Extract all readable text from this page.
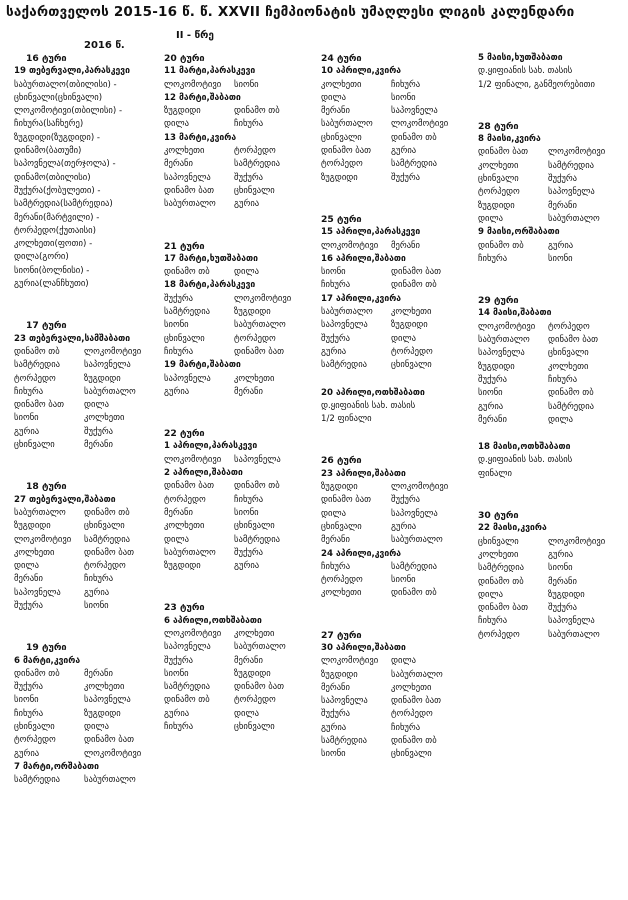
საქართველოს 2015-16 წ. წ. XXVII ჩემპიონატის უმაღლესი ლიგის კალენდარი
2016 წ.
II - წრე
16 ტური
19 თებერვალი,პარასკევი
საბურთალო(თბილისი) -
ცხინვალი(ცხინვალი)
ლოკომოტივი(თბილისი) -
ჩიხურა(საჩხერე)
ზუგდიდი(ზუგდიდი) -
დინამო(ბათუმი)
საპოვნელა(თერჯოლა) -
დინამო(თბილისი)
შუქურა(ქობულეთი) -
სამტრედია(სამტრედია)
მერანი(მარტვილი) -
ტორპედო(ქუთაისი)
კოლხეთი(ფოთი) -
დილა(გორი)
სიონი(ბოლნისი) -
გურია(ლანჩხუთი)
17 ტური
23 თებერვალი,სამშაბათი
დინამო თბ	ლოკომოტივი
სამტრედია	საპოვნელა
ტორპედო	ზუგდიდი
ჩიხურა	საბურთალო
დინამო ბათ	დილა
სიონი	კოლხეთი
გურია	შუქურა
ცხინვალი	მერანი
18 ტური
27 თებერვალი,შაბათი
საბურთალო	დინამო თბ
ზუგდიდი	ცხინვალი
ლოკომოტივი	სამტრედია
კოლხეთი	დინამო ბათ
დილა	ტორპედო
მერანი	ჩიხურა
საპოვნელა	გურია
შუქურა	სიონი
19 ტური
6 მარტი,კვირა
დინამო თბ	მერანი
შუქურა	კოლხეთი
სიონი	საპოვნელა
ჩიხურა	ზუგდიდი
ცხინვალი	დილა
ტორპედო	დინამო ბათ
გურია	ლოკომოტივი
7 მარტი,ორშაბათი
სამტრედია	საბურთალო
20 ტური
11 მარტი,პარასკევი
ლოკომოტივი	სიონი
12 მარტი,შაბათი
ზუგდიდი	დინამო თბ
დილა	ჩიხურა
13 მარტი,კვირა
კოლხეთი	ტორპედო
მერანი	სამტრედია
საპოვნელა	შუქურა
დინამო ბათ	ცხინვალი
საბურთალო	გურია
21 ტური
17 მარტი,ხუთშაბათი
დინამო თბ	დილა
18 მარტი,პარასკევი
შუქურა	ლოკომოტივი
სამტრედია	ზუგდიდი
სიონი	საბურთალო
ცხინვალი	ტორპედო
ჩიხურა	დინამო ბათ
19 მარტი,შაბათი
საპოვნელა	კოლხეთი
გურია	მერანი
22 ტური
1 აპრილი,პარასკევი
ლოკომოტივი	საპოვნელა
2 აპრილი,შაბათი
დინამო ბათ	დინამო თბ
ტორპედო	ჩიხურა
მერანი	სიონი
კოლხეთი	ცხინვალი
დილა	სამტრედია
საბურთალო	შუქურა
ზუგდიდი	გურია
23 ტური
6 აპრილი,ოთხშაბათი
ლოკომოტივი	კოლხეთი
საპოვნელა	საბურთალო
შუქურა	მერანი
სიონი	ზუგდიდი
სამტრედია	დინამო ბათ
დინამო თბ	ტორპედო
გურია	დილა
ჩიხურა	ცხინვალი
24 ტური
10 აპრილი,კვირა
კოლხეთი	ჩიხურა
დილა	სიონი
მერანი	საპოვნელა
საბურთალო	ლოკომოტივი
ცხინვალი	დინამო თბ
დინამო ბათ	გურია
ტორპედო	სამტრედია
ზუგდიდი	შუქურა
25 ტური
15 აპრილი,პარასკევი
ლოკომოტივი	მერანი
16 აპრილი,შაბათი
სიონი	დინამო ბათ
ჩიხურა	დინამო თბ
17 აპრილი,კვირა
საბურთალო	კოლხეთი
საპოვნელა	ზუგდიდი
შუქურა	დილა
გურია	ტორპედო
სამტრედია	ცხინვალი
20 აპრილი,ოთხშაბათი
დ.ყიფიანის სახ. თასის
1/2 ფინალი
26 ტური
23 აპრილი,შაბათი
ზუგდიდი	ლოკომოტივი
დინამო ბათ	შუქურა
დილა	საპოვნელა
ცხინვალი	გურია
მერანი	საბურთალო
24 აპრილი,კვირა
ჩიხურა	სამტრედია
ტორპედო	სიონი
კოლხეთი	დინამო თბ
27 ტური
30 აპრილი,შაბათი
ლოკომოტივი	დილა
ზუგდიდი	საბურთალო
მერანი	კოლხეთი
საპოვნელა	დინამო ბათ
შუქურა	ტორპედო
გურია	ჩიხურა
სამტრედია	დინამო თბ
სიონი	ცხინვალი
5 მაისი,ხუთშაბათი
დ.ყიფიანის სახ. თასის
1/2 ფინალი, განმეორებითი
28 ტური
8 მაისი,კვირა
დინამო ბათ	ლოკომოტივი
კოლხეთი	სამტრედია
ცხინვალი	შუქურა
ტორპედო	საპოვნელა
ზუგდიდი	მერანი
დილა	საბურთალო
9 მაისი,ორშაბათი
დინამო თბ	გურია
ჩიხურა	სიონი
29 ტური
14 მაისი,შაბათი
ლოკომოტივი	ტორპედო
საბურთალო	დინამო ბათ
საპოვნელა	ცხინვალი
ზუგდიდი	კოლხეთი
შუქურა	ჩიხურა
სიონი	დინამო თბ
გურია	სამტრედია
მერანი	დილა
18 მაისი,ოთხშაბათი
დ.ყიფიანის სახ. თასის
ფინალი
30 ტური
22 მაისი,კვირა
ცხინვალი	ლოკომოტივი
კოლხეთი	გურია
სამტრედია	სიონი
დინამო თბ	მერანი
დილა	ზუგდიდი
დინამო ბათ	შუქურა
ჩიხურა	საპოვნელა
ტორპედო	საბურთალო
